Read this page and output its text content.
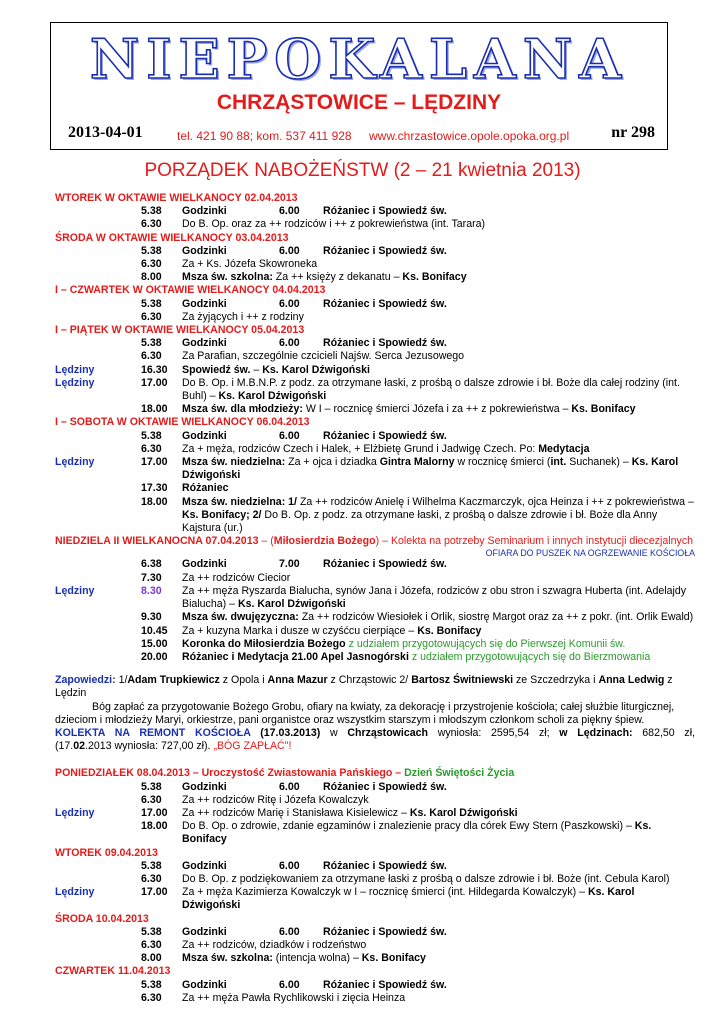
NIEPOKALANA
CHRZĄSTOWICE – LĘDZINY
2013-04-01	tel. 421 90 88; kom. 537 411 928 www.chrzastowice.opole.opoka.org.pl	nr 298
PORZĄDEK NABOŻEŃSTW (2 – 21 kwietnia 2013)
WTOREK W OKTAWIE WIELKANOCY 02.04.2013
5.38 Godzinki	6.00 Różaniec i Spowiedź św.
6.30 Do B. Op. oraz za ++ rodziców i ++ z pokrewieństwa (int. Tarara)
ŚRODA W OKTAWIE WIELKANOCY 03.04.2013
5.38 Godzinki	6.00 Różaniec i Spowiedź św.
6.30 Za + Ks. Józefa Skowroneka
8.00 Msza św. szkolna: Za ++ księży z dekanatu – Ks. Bonifacy
I – CZWARTEK W OKTAWIE WIELKANOCY 04.04.2013
5.38 Godzinki	6.00 Różaniec i Spowiedź św.
6.30 Za żyjących i ++ z rodziny
I – PIĄTEK W OKTAWIE WIELKANOCY 05.04.2013
5.38 Godzinki	6.00 Różaniec i Spowiedź św.
6.30 Za Parafian, szczególnie czcicieli Najśw. Serca Jezusowego
Lędziny	16.30 Spowiedź św. – Ks. Karol Dźwigoński
Lędziny	17.00 Do B. Op. i M.B.N.P. z podz. za otrzymane łaski, z prośbą o dalsze zdrowie i bł. Boże dla całej rodziny (int. Buhl) – Ks. Karol Dźwigoński
18.00 Msza św. dla młodzieży: W I – rocznicę śmierci Józefa i za ++ z pokrewieństwa – Ks. Bonifacy
I – SOBOTA W OKTAWIE WIELKANOCY 06.04.2013
5.38 Godzinki	6.00 Różaniec i Spowiedź św.
6.30 Za + męża, rodziców Czech i Halek, + Elżbietę Grund i Jadwigę Czech. Po: Medytacja
Lędziny	17.00 Msza św. niedzielna: Za + ojca i dziadka Gintra Malorny w rocznicę śmierci (int. Suchanek) – Ks. Karol Dźwigoński
17.30 Różaniec
18.00 Msza św. niedzielna: 1/ Za ++ rodziców Anielę i Wilhelma Kaczmarczyk, ojca Heinza i ++ z pokrewieństwa – Ks. Bonifacy; 2/ Do B. Op. z podz. za otrzymane łaski, z prośbą o dalsze zdrowie i bł. Boże dla Anny Kajstura (ur.)
NIEDZIELA II WIELKANOCNA 07.04.2013 – (Miłosierdzia Bożego) – Kolekta na potrzeby Seminarium i innych instytucji diecezjalnych
OFIARA DO PUSZEK NA OGRZEWANIE KOŚCIOŁA
6.38 Godzinki	7.00 Różaniec i Spowiedź św.
7.30 Za ++ rodziców Ciecior
Lędziny	8.30 Za ++ męża Ryszarda Bialucha, synów Jana i Józefa, rodziców z obu stron i szwagra Huberta (int. Adelajdy Bialucha) – Ks. Karol Dźwigoński
9.30 Msza św. dwujęzyczna: Za ++ rodziców Wiesiołek i Orlik, siostrę Margot oraz za ++ z pokr. (int. Orlik Ewald)
10.45 Za + kuzyna Marka i dusze w czyśćcu cierpiące – Ks. Bonifacy
15.00 Koronka do Miłosierdzia Bożego z udziałem przygotowujących się do Pierwszej Komunii św.
20.00 Różaniec i Medytacja 21.00 Apel Jasnogórski z udziałem przygotowujących się do Bierzmowania
Zapowiedzi: 1/Adam Trupkiewicz z Opola i Anna Mazur z Chrząstowic 2/ Bartosz Świtniewski ze Szczedrzyka i Anna Ledwig z Lędzin
Bóg zapłać za przygotowanie Bożego Grobu, ofiary na kwiaty, za dekorację i przystrojenie kościoła; całej służbie liturgicznej, dzieciom i młodzieży Maryi, orkiestrze, pani organistce oraz wszystkim starszym i młodszym członkom scholi za piękny śpiew.
KOLEKTA NA REMONT KOŚCIOŁA (17.03.2013) w Chrząstowicach wyniosła: 2595,54 zł; w Lędzinach: 682,50 zł,
(17.02.2013 wyniosła: 727,00 zł). „BÓG ZAPŁAĆ"!
PONIEDZIAŁEK 08.04.2013 – Uroczystość Zwiastowania Pańskiego – Dzień Świętości Życia
5.38 Godzinki	6.00 Różaniec i Spowiedź św.
6.30 Za ++ rodziców Ritę i Józefa Kowalczyk
Lędziny	17.00 Za ++ rodziców Marię i Stanisława Kisielewicz – Ks. Karol Dźwigoński
18.00 Do B. Op. o zdrowie, zdanie egzaminów i znalezienie pracy dla córek Ewy Stern (Paszkowski) – Ks. Bonifacy
WTOREK 09.04.2013
5.38 Godzinki	6.00 Różaniec i Spowiedź św.
6.30 Do B. Op. z podziękowaniem za otrzymane łaski z prośbą o dalsze zdrowie i bł. Boże (int. Cebula Karol)
Lędziny	17.00 Za + męża Kazimierza Kowalczyk w I – rocznicę śmierci (int. Hildegarda Kowalczyk) – Ks. Karol Dźwigoński
ŚRODA 10.04.2013
5.38 Godzinki	6.00 Różaniec i Spowiedź św.
6.30 Za ++ rodziców, dziadków i rodzeństwo
8.00 Msza św. szkolna: (intencja wolna) – Ks. Bonifacy
CZWARTEK 11.04.2013
5.38 Godzinki	6.00 Różaniec i Spowiedź św.
6.30 Za ++ męża Pawła Rychlikowski i zięcia Heinza
